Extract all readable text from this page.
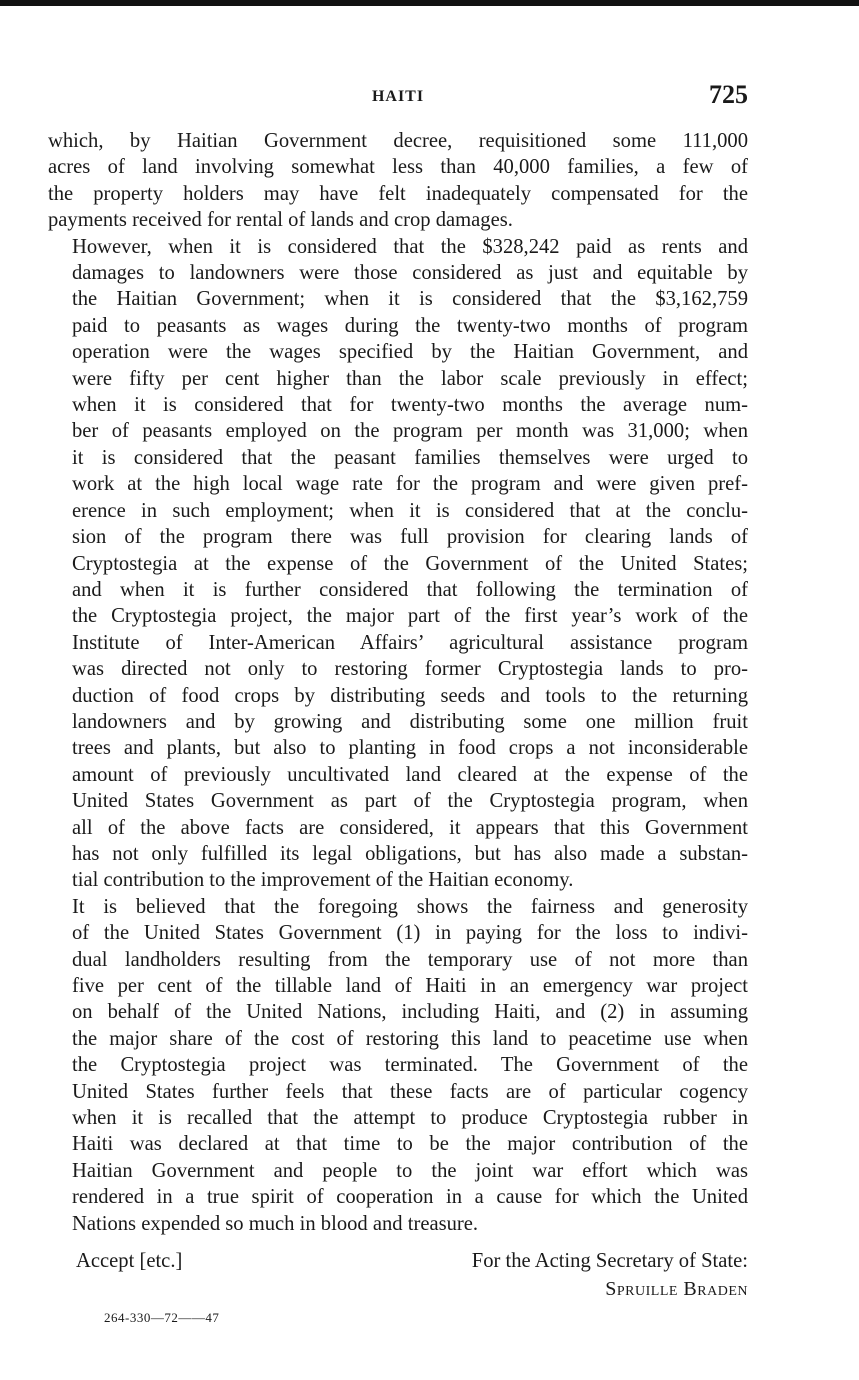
HAITI	725

which, by Haitian Government decree, requisitioned some 111,000
acres of land involving somewhat less than 40,000 families, a few of
the property holders may have felt inadequately compensated for the
payments received for rental of lands and crop damages.

However, when it is considered that the $328,242 paid as rents and
damages to landowners were those considered as just and equitable by
the Haitian Government; when it is considered that the $3,162,759
paid to peasants as wages during the twenty-two months of program
operation were the wages specified by the Haitian Government, and
were fifty per cent higher than the labor scale previously in effect;
when it is considered that for twenty-two months the average num-
ber of peasants employed on the program per month was 31,000; when
it is considered that the peasant families themselves were urged to
work at the high local wage rate for the program and were given pref-
erence in such employment; when it is considered that at the conclu-
sion of the program there was full provision for clearing lands of
Cryptostegia at the expense of the Government of the United States;
and when it is further considered that following the termination of
the Cryptostegia project, the major part of the first year’s work of the
Institute of Inter-American Affairs’ agricultural assistance program
was directed not only to restoring former Cryptostegia lands to pro-
duction of food crops by distributing seeds and tools to the returning
landowners and by growing and distributing some one million fruit
trees and plants, but also to planting in food crops a not inconsiderable
amount of previously uncultivated land cleared at the expense of the
United States Government as part of the Cryptostegia program, when
all of the above facts are considered, it appears that this Government
has not only fulfilled its legal obligations, but has also made a substan-
tial contribution to the improvement of the Haitian economy.

It is believed that the foregoing shows the fairness and generosity
of the United States Government (1) in paying for the loss to indivi-
dual landholders resulting from the temporary use of not more than
five per cent of the tillable land of Haiti in an emergency war project
on behalf of the United Nations, including Haiti, and (2) in assuming
the major share of the cost of restoring this land to peacetime use when
the Cryptostegia project was terminated. The Government of the
United States further feels that these facts are of particular cogency
when it is recalled that the attempt to produce Cryptostegia rubber in
Haiti was declared at that time to be the major contribution of the
Haitian Government and people to the joint war effort which was
rendered in a true spirit of cooperation in a cause for which the United
Nations expended so much in blood and treasure.

Accept [etc.]	For the Acting Secretary of State:
Spruille Braden
264-330—72——47
